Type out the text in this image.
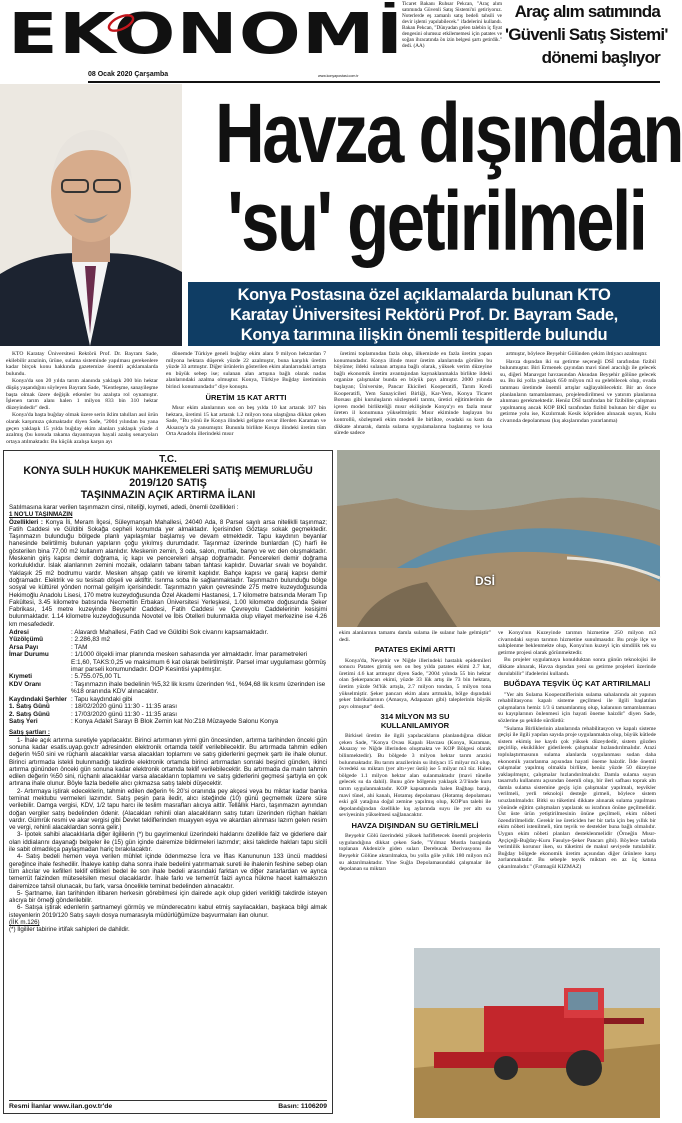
EKONOMİ
08 Ocak 2020 Çarşamba	www.konyapostasi.com.tr
Ticaret Bakanı Ruhsar Pekcan, "Araç alım satımında Güvenli Satış Sistemi'ni getiriyoruz. Noterlerde eş zamanlı satış bedeli tahsili ve devir işlemi yapılabilecek." ifadelerini kullandı. Bakan Pekcan, "Dünyadan gelen talebin iç fiyat dengesini olumsuz etkilememesi için patates ve soğan ihracatında ön izin belgesi şartı getirdik." dedi. (AA)
Araç alım satımında
'Güvenli Satış Sistemi'
dönemi başlıyor
Havza dışından
'su' getirilmeli
Konya Postasına özel açıklamalarda bulunan KTO
Karatay Üniversitesi Rektörü Prof. Dr. Bayram Sade,
Konya tarımına ilişkin önemli tespitlerde bulundu

KTO Karatay Üniversitesi Rektörü Prof. Dr. Bayram Sade, ekilebilir arazinin, ürüne, sulama sisteminde yapılması gerekenlere kadar birçok konu hakkında gazetemize önemli açıklamalarda bulundu.

Konya'da son 20 yılda tarım alanında yaklaşık 200 bin hektar düşüş yaşandığını söyleyen Bayram Sade, "Kentleşme, sanayileşme başta olmak üzere değişik etkenler bu azalışta rol oynamıştır. İşlenen tarım alanı halen 1 milyon 833 bin 310 hektar düzeyindedir" dedi.

Konya'da başta buğday olmak üzere serin iklim tahılları asıl ürün olarak karşımıza çıkmaktadır diyen Sade, "2004 yılından bu yana geçen yaklaşık 15 yılda buğday ekim alanları yaklaşık yüzde 4 azalmış (bu konuda rakama dayanmayan hayali azalış senaryoları ortaya atılmaktadır. Bu küçük azalışa karşın ayı

dönemde Türkiye geneli buğday ekim alanı 9 milyon hektardan 7 milyona hektara düşerek yüzde 22 azalmıştır, buna karşılık üretim yüzde 33 artmıştır. Diğer ürünlerin gösterilen ekim alanlarındaki artışta en büyük sebep ise; sulanan alan artışına bağlı olarak nadas alanlarındaki azalma olmuştur. Konya, Türkiye Buğday üretiminin birinci konumundadır" diye konuştu.

ÜRETİM 15 KAT ARTTI

Mısır ekim alanlarının son on beş yılda 10 kat artarak 107 bin hektara, üretimi 15 kat artarak 1.2 milyon tona ulaştığına dikkat çeken Sade, "Bu yönü ile Konya ilindeki gelişme cevar illerden Karaman ve Aksaray'a da yansımıştır. Bununla birlikte Konya ilindeki üretim tüm Orta Anadolu illerindeki mısır

üretimi toplamından fazla olup, ülkemizde en fazla üretim yapan konumundadır. Konya ilinde mısır üretim alanlarında görülen bu büyüme; ildeki sulanan artışına bağlı olarak, yüksek verim düzeyine bağlı ekonomik üretim avantajından kaynaklanmakla birlikte ildeki organize çalışmalar bunda en büyük payı almıştır. 2000 yılında başlayan; Üniversite, Pancar Ekicileri Kooperatifi, Tarım Kredi Kooperatifi, Yem Sanayicileri Birliği, Kar-Yem, Konya Ticaret Borsası gibi kuruluşların sözleşmeli tarımı, üretici eğitimlerinin de içeren model birlikteliği mısır ekilişinde Konya'yı en fazla mısır üreten il konumuna yükseltmiştir. Mısır ekiminde başlayan bu kontrollü, sözleşmeli ekim modeli ile birlikte, ovadaki su kıstı da dikkate alınarak, damla sulama uygulamalarına başlanmış ve kısa sürede sadece

artmıştır, böylece Beyşehir Gölünden çekim ihtiyacı azalmıştır.

Havza dışından iki su getirme seçeneği DSİ tarafından fizibil bulunmuştur. Biri Ermenek çayından mavi tünel aracılığı ile gelecek su, diğeri Manavgat havzasından Aksudan Beyşehir gölüne gelecek su. Bu iki yolla yaklaşık 650 milyon m3 su gelebilecek olup, ovada tamması üretimde önemli artışlar sağlayabilecektir. Bir an önce planlanların tamamlanması, projelendirilmesi ve yatırım planlarına alınması gerekmektedir. Henüz DSİ tarafından bir fizibilite çalışması yapılmamış ancak KOP BKİ tarafından fizibil bulunan bir diğer su getirme yolu ise, Kızılırmak Kesik köprüden alınacak suyun, Kulu civarında depolanması (kış akışlarından yararlanma)

T.C.
KONYA SULH HUKUK MAHKEMELERİ SATIŞ MEMURLUĞU
2019/120 SATIŞ
TAŞINMAZIN AÇIK ARTIRMA İLANI
Satılmasına karar verilen taşınmazın cinsi, niteliği, kıymeti, adedi, önemli özellikleri :
1 NO'LU TAŞINMAZIN
Özellikleri : Konya İli, Meram İlçesi, Süleymanşah Mahallesi, 24040 Ada, 8 Parsel sayılı arsa niteliklli taşınmaz; Fatih Caddesi ve Güldibi Sokağa cepheli konumda yer almaktadır. İçerisinden Göztaşı sokak geçmektedir. Taşınmazın bulunduğu bölgede planlı yapılaşmlar başlamış ve devam etmektedir. Tapu kaydının beyanlar hanesinde belirtilmiş bulunan yapıların çoğu yıkılmış durumdadır. Taşınmaz üzerinde bunlardan (C) harfi ile gösterilen bina 77,00 m2 kullanım alanlıdır. Meskenin zemin, 3 oda, salon, mutfak, banyo ve wc den oluşmaktadır. Meskenin giriş kapısı demir doğrama, iç kapı ve pencereleri ahşap doğramadır. Pencereleri demir doğrama korkuluklıdur. Islak alanlarının zemini mozaik, odaların tabanı taban tahtası kaplıdır. Duvarlar sıvalı ve boyalıdır. Yaklaşık 25 m2 bodrumu vardır. Mesken ahşap çatılı ve kiremit kaplıdır. Bahçe kapısı ve garaj kapısı demir doğramadır. Elektrik ve su tesisatı döşeli ve aktiftir. Isınma soba ile sağlanmaktadır. Taşınmazın bulunduğu bölge sosyal ve kültürel yönden normal gelişim içerisindedir. Taşınmazın yakın çevresinde 275 metre kuzeydoğusunda Hekimoğlu Anadolu Lisesi, 170 metre kuzeydoğusunda Özel Akademi Hastanesi, 1.7 kilometre batısında Meram Tıp Fakültesi, 3.45 kilometre batısında Necmettin Erbakan Üniversitesi Yerleşkesi, 1.00 kilometre doğusunda Şeker Fabrikası, 145 metre kuzeyinde Beyşehir Caddesi, Fatih Caddesi ve Çevreyolu Caddelerinin kesişimi bulunmaktadır. 1.14 kilometre kuzeydoğusunda Novotel ve İbis Otelleri bulunmakta olup vilayet merkezine ise 4.26 km mesafededir.
Adresi	: Alavardı Mahallesi, Fatih Cad ve Güldibi Sok civarını kapsamaktadır.
Yüzölçümü	: 2.286,83 m2
Arsa Payı	: TAM
İmar Durumu	: 1/1000 ölçekli imar planında mesken sahasında yer almaktadır. İmar parametreleri E:1,60, TAKS:0,25 ve maksimum 6 kat olarak belirtilmiştir. Parsel imar uygulaması görmüş imar parseli konumundadır. DOP Kesintisi yapılmıştır.
Kıymeti	: 5.755.075,00 TL
KDV Oranı	: Taşınmazın ihale bedelinin %5,32 lik kısmı üzerinden %1, %94,68 lik kısmı üzerinden ise %18 oranında KDV alınacaktır.
Kaydındaki Şerhler : Tapu kaydındaki gibi
1. Satış Günü	: 18/02/2020 günü 11:30 - 11:35 arası
2. Satış Günü	: 17/03/2020 günü 11:30 - 11:35 arası
Satış Yeri	: Konya Adalet Sarayı B Blok Zemin kat No:Z18 Müzayede Salonu Konya
Satış şartları :
1- İhale açık artırma suretiyle yapılacaktır. Birinci artırmanın yirmi gün öncesinden, artırma tarihinden önceki gün sonuna kadar esatis.uyap.gov.tr adresinden elektronik ortamda teklif verilebilecektir. Bu artırmada tahmin edilen değerin %50 sini ve rüçhanlı alacaklılar varsa alacakları toplamını ve satış giderlerini geçmek şartı ile ihale olunur. Birinci artırmada istekli bulunmadığı takdirde elektronik ortamda birinci artırmadan sonraki beşinci günden, ikinci artırma gününden önceki gün sonuna kadar elektronik ortamda teklif verilebilecektir. Bu artırmada da malın tahmin edilen değerin %50 sini, rüçhanlı alacaklılar varsa alacakların toplamını ve satış giderlerini geçmesi şartıyla en çok artırana ihale olunur. Böyle fazla bedelle alıcı çıkmazsa satış talebi düşecektir.
2- Artırmaya iştirak edeceklerin, tahmin edilen değerin % 20'si oranında pey akçesi veya bu miktar kadar banka teminat mektubu vermeleri lazımdır. Satış peşin para iledir, alıcı isteğinde (10) günü geçmemek üzere süre verilebilir. Damga vergisi, KDV, 1/2 tapu harcı ile teslim masrafları alıcıya aittir. Tellâllık Harcı, taşınmazın aynından doğan vergiler satış bedelinden ödenir. (Alacakları rehinli olan alacaklıların satış tutarı üzerinden rüçhan hakları vardır. Gümrük resmi ve akar vergisi gibi Devlet tekliflerinden muayyen eşya ve akardan alınması lazım gelen resim ve vergi, rehinli alacaklardan sonra gelir.)
3- İpotek sahibi alacaklılarla diğer ilgililerin (*) bu gayrimenkul üzerindeki haklarını özellikle faiz ve giderlere dair olan iddialarını dayanağı belgeler ile (15) gün içinde dairemize bildirmeleri lazımdır; aksi takdirde hakları tapu sicili ile sabit olmadıkça paylaşmadan hariç bırakılacaktır.
4- Satış bedeli hemen veya verilen mühlet içinde ödenmezse İcra ve İflas Kanununun 133 üncü maddesi gereğince ihale feshedilir. İhaleye katılıp daha sonra ihale bedelini yatırmamak sureti ile ihalenin feshine sebep olan tüm alıcılar ve kefilleri teklif ettikleri bedel ile son ihale bedeli arasındaki farktan ve diğer zararlardan ve ayrıca temerrüt faizinden müteselsilen mesul olacaklardır. İhale farkı ve temerrüt faizi ayrıca hükme hacet kalmaksızın dairemizce tahsil olunacak, bu fark, varsa öncelikle teminat bedelinden alınacaktır.
5- Şartname, ilan tarihinden itibaren herkesin görebilmesi için dairede açık olup gideri verildiği takdirde isteyen alıcıya bir örneği gönderilebilir.
6- Satışa iştirak edenlerin şartnameyi görmüş ve münderecatını kabul etmiş sayılacakları, başkaca bilgi almak isteyenlerin 2019/120 Satış sayılı dosya numarasıyla müdürlüğümüze başvurmaları ilan olunur.
(İİK m.126)
(*) İlgililer tabirine irtifak sahipleri de dahildir.
Resmi İlanlar www.ilan.gov.tr'de	Basın: 1106209
DSİ

ekim alanlarının tamamı damla sulama ile sulanır hale gelmiştir" dedi.

PATATES EKİMİ ARTTI

Konya'da, Nevşehir ve Niğde illerindeki hastalık epidemileri sonucu Patates girmiş sen on beş yılda patates ekimi 2.7 kat, üretimi 4.6 kat artmıştır diyen Sade, "2004 yılında 55 bin hektar olan Şekerpancarı ekimi, yüzde 33 lük artış ile 73 bin hektara, üretim yüzde 94'lük artışla, 2.7 milyon tondan, 5 milyon tona yükselmiştir. Şeker pancarı ekim alanı artmakla, bölge dışındaki şeker fabrikalarının (Amasya, Adapazarı gibi) taleplerinin büyük payı olmuştur" dedi.

314 MİLYON M3 SU
KULLANILAMIYOR

Birkisel üretim ile ilgili yapılacakların planlandığına dikkat çeken Sade, "Konya Ovası Kapalı Havzası (Konya, Karaman, Aksaray ve Niğde illerinden oluşmakta ve KOP Bölgesi olarak bilinmektedir). Bu bölgede 3 milyon hektar tarım arazisi bulunmaktadır. Bu tarım arazilerinin su ihtiyacı 15 milyar m3 olup, övredeki su miktarı (yer altı+yer üstü) ise 5 milyar m3 tür. Halen bölgede 1.1 milyon hektar alan sulanmaktadır (mavi tünelle gelecek su da dahil). Bunu göre bölgenin yaklaşık 2/3'ünde kuru tarım uygulanmaktadır. KOP kapsamında halen Bağbaşı barajı, mavi tünel, ahi kanalı, Hotamış depolaması (Hotamış depolaması eski göl yatağına doğal zemine yapılmış olup, KOP'un talebi ile depolandığından özellikle kış aylarında suyu ile yer altı su seviyesinin yükselmesi sağlanacaktır.

HAVZA DIŞINDAN SU GETİRİLMELİ

Beyşehir Gölü üzerindeki yüksek hafifletecek önemli projelerin uygulandığına dikkat çeken Sade, "Yılmaz Mustla barajında toplanan Akdeniz'e giden suları Derebucak Derivasyonu ile Beyşehir Gölüne aktarılmakta, bu yolla göle yıllık 180 milyon m3 su aktarılmaktadır. Yine Suğla Depolamasındaki çalışmalar ile depolanan su miktarı

ve Konya'nın Kuzeyinde tarımın hizmetine 250 milyon m3 civarındaki suyun tarımın hizmetine sunulmasıdır. Bu proje ilçe ve sahiplenme beklenmekte olup, Konya'nın kuzeyi için simdilik tek su getirme projesi olarak görünmektedir.

Bu projeler uygulamaya konulduktan sonra günün teknolojisi ile dikkate alınarak, Havza dışından yeni su getirme projeleri üzerinde durulabilir" ifadelerini kullandı.

BUĞDAYA TEŞVİK ÜÇ KAT ARTIRILMALI

"Yer altı Sulama Kooperatiflerinin sulama sahalarında ait yapının rehabilitasyonu kapalı sisteme geçilmesi ile ilgili başlatılan çalışmaların hemiz 1/3 ü tamamlanmış olup, kalanının tamamlanması su kayıplarının önlenmesi için hayati öneme haizdir" diyen Sade, sözlerine şu şekilde sürdürdü:

"Sulama Birliklerinin alanlarında rehabilitasyon ve kapalı sisteme geçişi ile ilgili yapılan sayıda proje uygulanmakta olup, büyük kütlede sistem ekimiş ise kaydı çok yüksek düzeydedir, sistem gözden geçirilip, eksiklikler giderilerek çalışmalar hızlandırılmalıdır. Arazi toplulaştırmasının sulama alanlarda uygulanması sudan daha ekonomik yararlanma açısından hayati öneme haizdir. İlde önemli çalışmalar yapılmış olmakla birlikte, henüz yüzde 50 düzeyine yaklaşılmıştır, çalışmalar hızlandırılmalıdır. Damla sulama suyun tasarrufu kullanımı açısından önemli olup, bir ileri safhası toprak altı damla sulama sistemine geçiş için çalışmalar yapılmalı, teşvikler verilmeli, yerli teknoloji desteğe girmeli, böylece sistem ucuzlatılmalıdır. Bitki su tüketimi dikkate alınarak sulama yapılması yönünde eğitim çalışmaları yapılarak su israfının önüne geçilmelidir. Üst üste ürün yetiştirilmesinin önüne geçilmeli, ekim nöbeti özendirilmelidir. Gerekir ise üreticiden her bir tarla için beş yıllık bir ekim nöbeti istenilmeli, tüm teşvik ve destekler buna bağlı olmalıdır. Uygun ekim nöbeti planları desteklenmelidir (Örneğin Mısır-Ayçiçeği-Buğday-Kuru Fasulye-Şeker Pancarı gibi). Böylece tarlada verimlilik korunur iken, su tüketimi de makul seviyede tutulabilir. Buğday bölgede ekonomik üretim açısından diğer ürünlere karşı zorlanmaktadır. Bu sebeple teşvik miktarı en az üç katına çıkarılmalıdır." (Fatmagül KIZMAZ)
